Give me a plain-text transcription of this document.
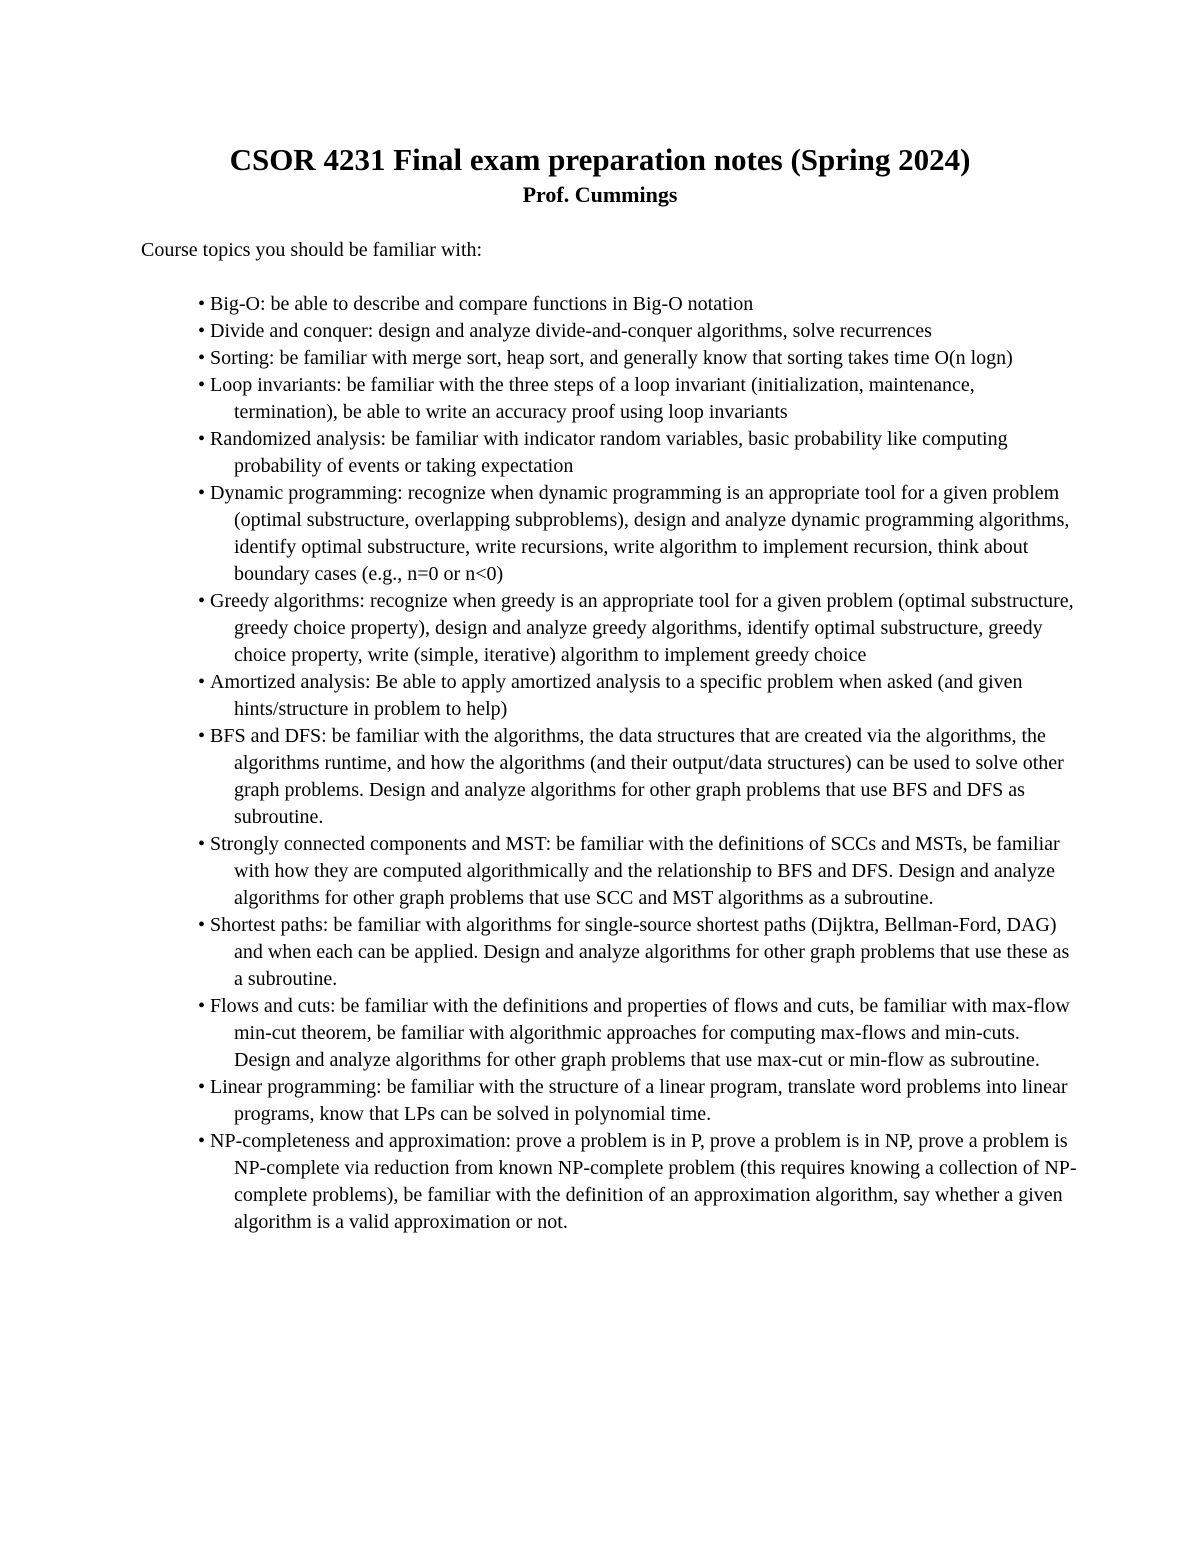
CSOR 4231 Final exam preparation notes (Spring 2024)
Prof. Cummings

Course topics you should be familiar with:

• Big-O: be able to describe and compare functions in Big-O notation
• Divide and conquer: design and analyze divide-and-conquer algorithms, solve recurrences
• Sorting: be familiar with merge sort, heap sort, and generally know that sorting takes time O(n logn)
• Loop invariants: be familiar with the three steps of a loop invariant (initialization, maintenance, termination), be able to write an accuracy proof using loop invariants
• Randomized analysis: be familiar with indicator random variables, basic probability like computing probability of events or taking expectation
• Dynamic programming: recognize when dynamic programming is an appropriate tool for a given problem (optimal substructure, overlapping subproblems), design and analyze dynamic programming algorithms, identify optimal substructure, write recursions, write algorithm to implement recursion, think about boundary cases (e.g., n=0 or n<0)
• Greedy algorithms: recognize when greedy is an appropriate tool for a given problem (optimal substructure, greedy choice property), design and analyze greedy algorithms, identify optimal substructure, greedy choice property, write (simple, iterative) algorithm to implement greedy choice
• Amortized analysis: Be able to apply amortized analysis to a specific problem when asked (and given hints/structure in problem to help)
• BFS and DFS: be familiar with the algorithms, the data structures that are created via the algorithms, the algorithms runtime, and how the algorithms (and their output/data structures) can be used to solve other graph problems. Design and analyze algorithms for other graph problems that use BFS and DFS as subroutine.
• Strongly connected components and MST: be familiar with the definitions of SCCs and MSTs, be familiar with how they are computed algorithmically and the relationship to BFS and DFS. Design and analyze algorithms for other graph problems that use SCC and MST algorithms as a subroutine.
• Shortest paths: be familiar with algorithms for single-source shortest paths (Dijktra, Bellman-Ford, DAG) and when each can be applied. Design and analyze algorithms for other graph problems that use these as a subroutine.
• Flows and cuts: be familiar with the definitions and properties of flows and cuts, be familiar with max-flow min-cut theorem, be familiar with algorithmic approaches for computing max-flows and min-cuts. Design and analyze algorithms for other graph problems that use max-cut or min-flow as subroutine.
• Linear programming: be familiar with the structure of a linear program, translate word problems into linear programs, know that LPs can be solved in polynomial time.
• NP-completeness and approximation: prove a problem is in P, prove a problem is in NP, prove a problem is NP-complete via reduction from known NP-complete problem (this requires knowing a collection of NP-complete problems), be familiar with the definition of an approximation algorithm, say whether a given algorithm is a valid approximation or not.
